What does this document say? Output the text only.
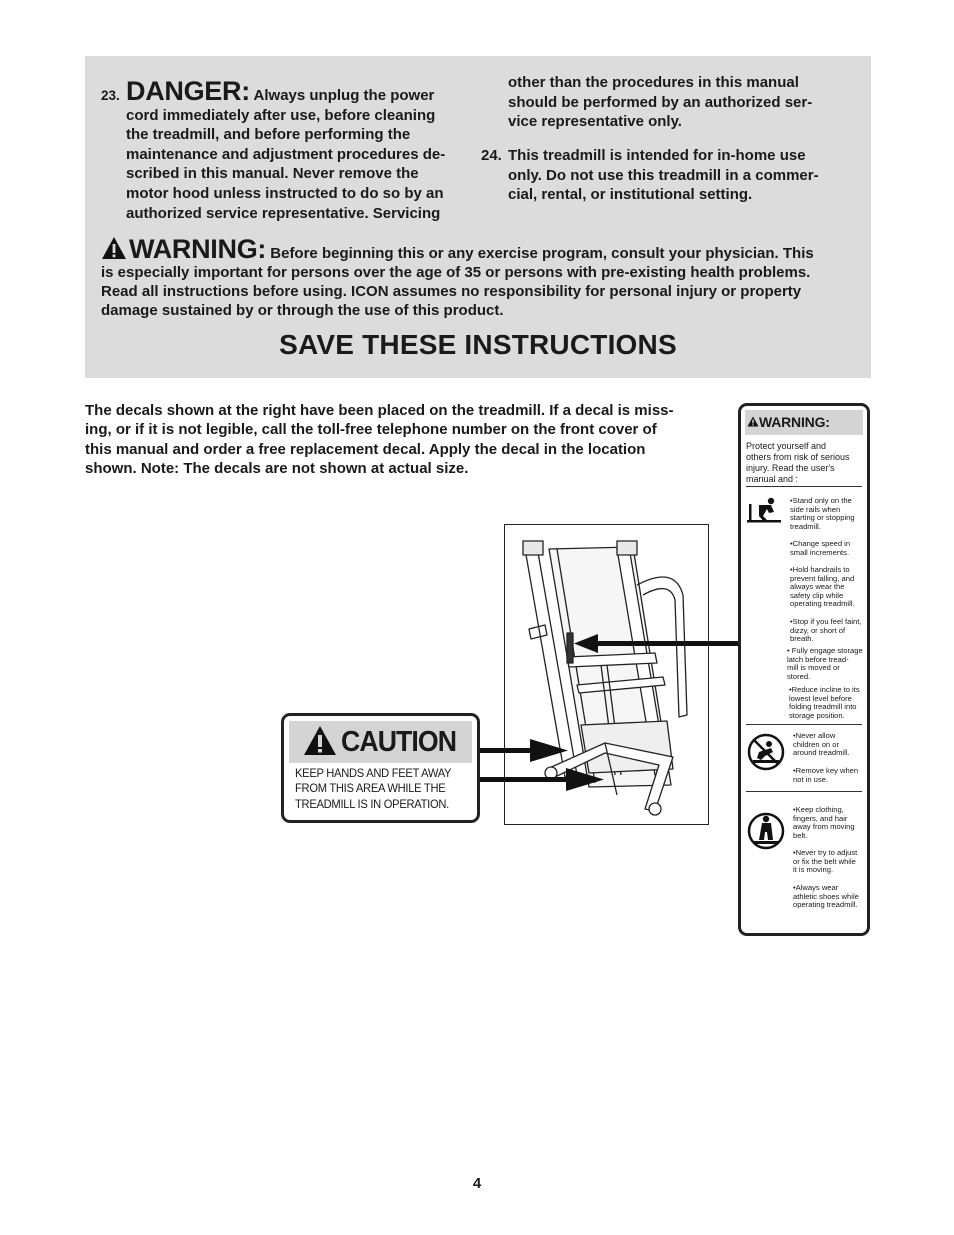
23. DANGER: Always unplug the power
cord immediately after use, before cleaning
the treadmill, and before performing the
maintenance and adjustment procedures de-
scribed in this manual. Never remove the
motor hood unless instructed to do so by an
authorized service representative. Servicing
other than the procedures in this manual
should be performed by an authorized ser-
vice representative only.
24. This treadmill is intended for in-home use
only. Do not use this treadmill in a commer-
cial, rental, or institutional setting.
WARNING: Before beginning this or any exercise program, consult your physician. This
is especially important for persons over the age of 35 or persons with pre-existing health problems.
Read all instructions before using. ICON assumes no responsibility for personal injury or property
damage sustained by or through the use of this product.
SAVE THESE INSTRUCTIONS
The decals shown at the right have been placed on the treadmill. If a decal is miss-
ing, or if it is not legible, call the toll-free telephone number on the front cover of
this manual and order a free replacement decal. Apply the decal in the location
shown. Note: The decals are not shown at actual size.
CAUTION
KEEP HANDS AND FEET AWAY
FROM THIS AREA WHILE THE
TREADMILL IS IN OPERATION.
WARNING:
Protect yourself and
others from risk of serious
injury. Read the user's
manual and :
•Stand only on the
side rails when
starting or stopping
treadmill.
•Change speed in
small increments.
•Hold handrails to
prevent falling, and
always wear the
safety clip while
operating treadmill.
•Stop if you feel faint,
dizzy, or short of
breath.
• Fully engage storage
latch before tread-
mill is moved or
stored.
•Reduce incline to its
lowest level before
folding treadmill into
storage position.
•Never allow
children on or
around treadmill.
•Remove key when
not in use.
•Keep clothing,
fingers, and hair
away from moving
belt.
•Never try to adjust
or fix the belt while
it is moving.
•Always wear
athletic shoes while
operating treadmill.
4
